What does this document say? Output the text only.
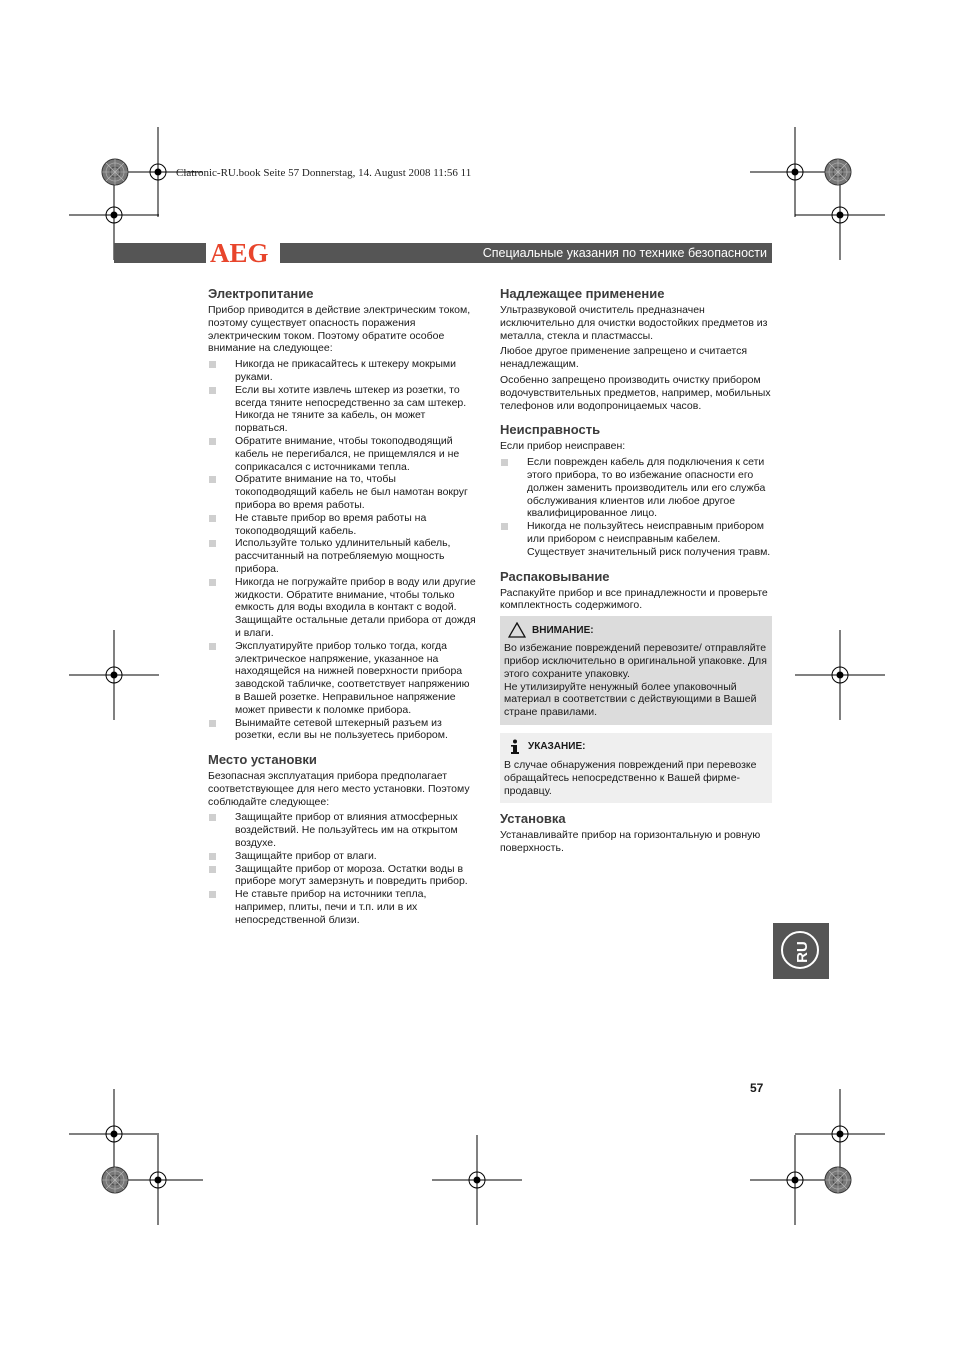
Clatronic-RU.book Seite 57 Donnerstag, 14. August 2008 11:56 11
AEG	Специальные указания по технике безопасности
Электропитание

Прибор приводится в действие электрическим током, поэтому существует опасность поражения электрическим током. Поэтому обратите особое внимание на следующее:

Никогда не прикасайтесь к штекеру мокрыми руками.
Если вы хотите извлечь штекер из розетки, то всегда тяните непосредственно за сам штекер. Никогда не тяните за кабель, он может порваться.
Обратите внимание, чтобы токоподводящий кабель не перегибался, не прищемлялся и не соприкасался с источниками тепла.
Обратите внимание на то, чтобы токоподводящий кабель не был намотан вокруг прибора во время работы.
Не ставьте прибор во время работы на токоподводящий кабель.
Используйте только удлинительный кабель, рассчитанный на потребляемую мощность прибора.
Никогда не погружайте прибор в воду или другие жидкости. Обратите внимание, чтобы только емкость для воды входила в контакт с водой. Защищайте остальные детали прибора от дождя и влаги.
Эксплуатируйте прибор только тогда, когда электрическое напряжение, указанное на находящейся на нижней поверхности прибора заводской табличке, соответствует напряжению в Вашей розетке. Неправильное напряжение может привести к поломке прибора.
Вынимайте сетевой штекерный разъем из розетки, если вы не пользуетесь прибором.
Место установки

Безопасная эксплуатация прибора предполагает соответствующее для него место установки. Поэтому соблюдайте следующее:

Защищайте прибор от влияния атмосферных воздействий. Не пользуйтесь им на открытом воздухе.
Защищайте прибор от влаги.
Защищайте прибор от мороза. Остатки воды в приборе могут замерзнуть и повредить прибор.
Не ставьте прибор на источники тепла, например, плиты, печи и т.п. или в их непосредственной близи.
Надлежащее применение

Ультразвуковой очиститель предназначен исключительно для очистки водостойких предметов из металла, стекла и пластмассы.

Любое другое применение запрещено и считается ненадлежащим.

Особенно запрещено производить очистку прибором водочувствительных предметов, например, мобильных телефонов или водопроницаемых часов.

Неисправность

Если прибор неисправен:

Если поврежден кабель для подключения к сети этого прибора, то во избежание опасности его должен заменить производитель или его служба обслуживания клиентов или любое другое квалифицированное лицо.
Никогда не пользуйтесь неисправным прибором или прибором с неисправным кабелем. Существует значительный риск получения травм.
Распаковывание

Распакуйте прибор и все принадлежности и проверьте комплектность содержимого.

ВНИМАНИЕ:

Во избежание повреждений перевозите/ отправляйте прибор исключительно в оригинальной упаковке. Для этого сохраните упаковку.

Не утилизируйте ненужный более упаковочный материал в соответствии с действующими в Вашей стране правилами.

УКАЗАНИЕ:

В случае обнаружения повреждений при перевозке обращайтесь непосредственно к Вашей фирме-продавцу.

Установка

Устанавливайте прибор на горизонтальную и ровную поверхность.

RU
57
